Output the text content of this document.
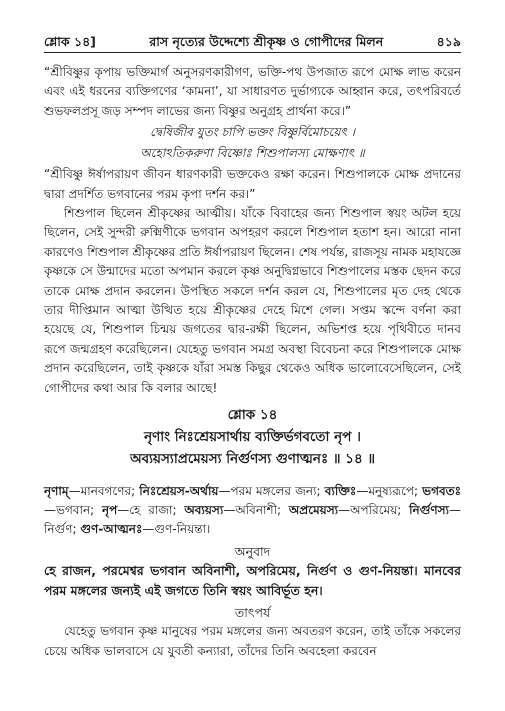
শ্লোক ১৪]	রাস নৃত্যের উদ্দেশ্যে শ্রীকৃষ্ণ ও গোপীদের মিলন	৪১৯

“শ্রীবিষ্ণুর কৃপায় ভক্তিমার্গ অনুসরণকারীগণ, ভক্তি-পথ উপজাত রূপে মোক্ষ লাভ করেন এবং এই ধরনের ব্যক্তিগণের ‘কামনা’, যা সাধারণত দুর্ভাগ্যকে আহ্বান করে, তৎপরিবর্তে শুভফলপ্রসূ জড় সম্পদ লাভের জন্য বিষ্ণুর অনুগ্রহ প্রার্থনা করে।”

দ্বেষিজীব যুতং চাপি ভক্তং বিষ্ণুর্বিমোচয়েৎ ।
অহোঽতিকরুণা বিষ্ণোঃ শিশুপালস্য মোক্ষণাৎ ॥

“শ্রীবিষ্ণু ঈর্ষাপরায়ণ জীবন ধারণকারী ভক্তকেও রক্ষা করেন। শিশুপালকে মোক্ষ প্রদানের দ্বারা প্রদর্শিত ভগবানের পরম কৃপা দর্শন কর।”

শিশুপাল ছিলেন শ্রীকৃষ্ণের আত্মীয়। যাঁকে বিবাহের জন্য শিশুপাল স্বয়ং অটল হয়ে ছিলেন, সেই সুন্দরী রুক্মিণীকে ভগবান অপহরণ করলে শিশুপাল হতাশ হন। আরো নানা কারণেও শিশুপাল শ্রীকৃষ্ণের প্রতি ঈর্ষাপরায়ণ ছিলেন। শেষ পর্যন্ত, রাজসূয় নামক মহাযজ্ঞে কৃষ্ণকে সে উন্মাদের মতো অপমান করলে কৃষ্ণ অনুদ্বিগ্নভাবে শিশুপালের মস্তক ছেদন করে তাকে মোক্ষ প্রদান করলেন। উপস্থিত সকলে দর্শন করল যে, শিশুপালের মৃত দেহ থেকে তার দীপ্তিমান আত্মা উত্থিত হয়ে শ্রীকৃষ্ণের দেহে মিশে গেল। সপ্তম স্কন্দে বর্ণনা করা হয়েছে যে, শিশুপাল চিন্ময় জগতের দ্বার-রক্ষী ছিলেন, অভিশপ্ত হয়ে পৃথিবীতে দানব রূপে জন্মগ্রহণ করেছিলেন। যেহেতু ভগবান সমগ্র অবস্থা বিবেচনা করে শিশুপালকে মোক্ষ প্রদান করেছিলেন, তাই কৃষ্ণকে যাঁরা সমস্ত কিছুর থেকেও অধিক ভালোবেসেছিলেন, সেই গোপীদের কথা আর কি বলার আছে!

শ্লোক ১৪
নৃণাং নিঃশ্রেয়সার্থায় ব্যক্তির্ভগবতো নৃপ ।
অব্যয়স্যাপ্রমেয়স্য নির্গুণস্য গুণাত্মনঃ ॥ ১৪ ॥
নৃণাম্—মানবগণের; নিঃশ্রেয়স-অর্থায়—পরম মঙ্গলের জন্য; ব্যক্তিঃ—মনুষ্যরূপে; ভগবতঃ—ভগবান; নৃপ—হে রাজা; অব্যয়স্য—অবিনাশী; অপ্রমেয়স্য—অপরিমেয়; নির্গুণস্য—নির্গুণ; গুণ-আত্মনঃ—গুণ-নিয়ন্তা।
অনুবাদ

হে রাজন, পরমেশ্বর ভগবান অবিনাশী, অপরিমেয়, নির্গুণ ও গুণ-নিয়ন্তা। মানবের পরম মঙ্গলের জন্যই এই জগতে তিনি স্বয়ং আবির্ভূত হন।

তাৎপর্য

যেহেতু ভগবান কৃষ্ণ মানুষের পরম মঙ্গলের জন্য অবতরণ করেন, তাই তাঁকে সকলের চেয়ে অধিক ভালবাসে যে যুবতী কন্যারা, তাঁদের তিনি অবহেলা করবেন
